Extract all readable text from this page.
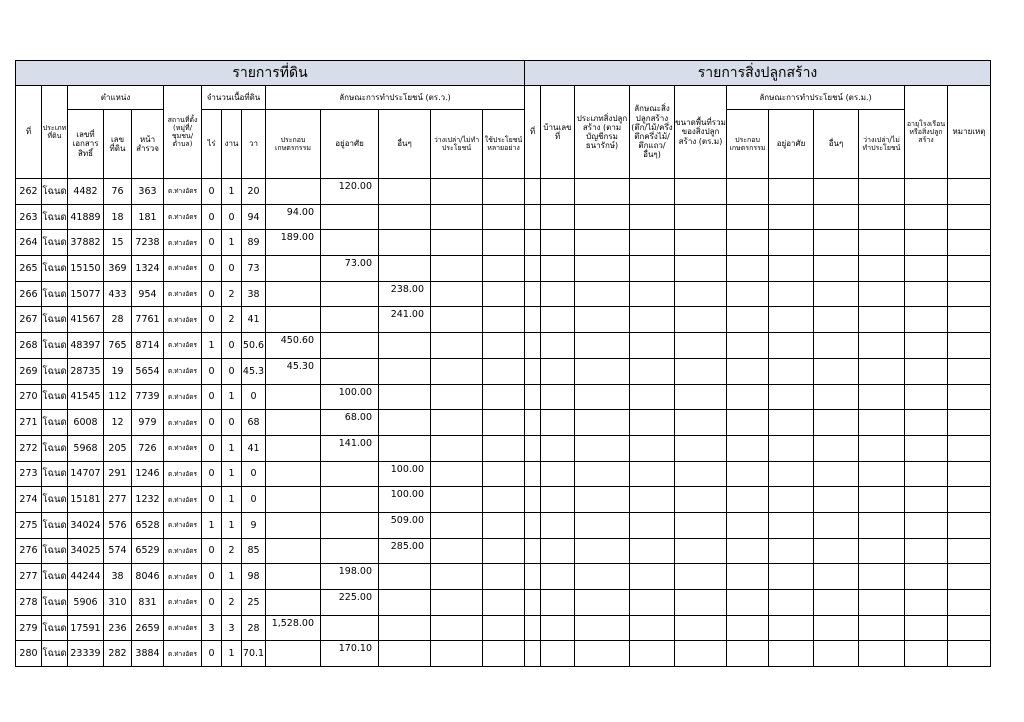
รายการที่ดิน														รายการสิ่งปลูกสร้าง										
ที่	ประเภทที่ดิน	ตำแหน่ง			สถานที่ตั้ง (หมู่ที่/ชุมชน/ตำบล)	จำนวนเนื้อที่ดิน			ลักษณะการทำประโยชน์ (ตร.ว.)					ที่	บ้านเลขที่	ประเภทสิ่งปลูกสร้าง (ตามบัญชีกรมธนารักษ์)	ลักษณะสิ่งปลูกสร้าง (ตึก/ไม้/ครึ่งตึกครึ่งไม้/ตึกแถว/อื่นๆ)	ขนาดพื้นที่รวมของสิ่งปลูกสร้าง (ตร.ม)	ลักษณะการทำประโยชน์ (ตร.ม.)				อายุโรงเรือนหรือสิ่งปลูกสร้าง	หมายเหตุ
		เลขที่เอกสารสิทธิ์	เลขที่ดิน	หน้าสำรวจ		ไร่	งาน	วา	ประกอบเกษตรกรรม	อยู่อาศัย	อื่นๆ	ว่างเปล่า/ไม่ทำประโยชน์	ใช้ประโยชน์หลายอย่าง						ประกอบเกษตรกรรม	อยู่อาศัย	อื่นๆ	ว่างเปล่า/ไม่ทำประโยชน์		
262	โฉนด	4482	76	363	ต.ท่างอัดร	0	1	20		120.00														
263	โฉนด	41889	18	181	ต.ท่างอัดร	0	0	94	94.00															
264	โฉนด	37882	15	7238	ต.ท่างอัดร	0	1	89	189.00															
265	โฉนด	15150	369	1324	ต.ท่างอัดร	0	0	73		73.00														
266	โฉนด	15077	433	954	ต.ท่างอัดร	0	2	38			238.00													
267	โฉนด	41567	28	7761	ต.ท่างอัดร	0	2	41			241.00													
268	โฉนด	48397	765	8714	ต.ท่างอัดร	1	0	50.6	450.60															
269	โฉนด	28735	19	5654	ต.ท่างอัดร	0	0	45.3	45.30															
270	โฉนด	41545	112	7739	ต.ท่างอัดร	0	1	0		100.00														
271	โฉนด	6008	12	979	ต.ท่างอัดร	0	0	68		68.00														
272	โฉนด	5968	205	726	ต.ท่างอัดร	0	1	41		141.00														
273	โฉนด	14707	291	1246	ต.ท่างอัดร	0	1	0			100.00													
274	โฉนด	15181	277	1232	ต.ท่างอัดร	0	1	0			100.00													
275	โฉนด	34024	576	6528	ต.ท่างอัดร	1	1	9			509.00													
276	โฉนด	34025	574	6529	ต.ท่างอัดร	0	2	85			285.00													
277	โฉนด	44244	38	8046	ต.ท่างอัดร	0	1	98		198.00														
278	โฉนด	5906	310	831	ต.ท่างอัดร	0	2	25		225.00														
279	โฉนด	17591	236	2659	ต.ท่างอัดร	3	3	28	1,528.00															
280	โฉนด	23339	282	3884	ต.ท่างอัดร	0	1	70.1		170.10														
